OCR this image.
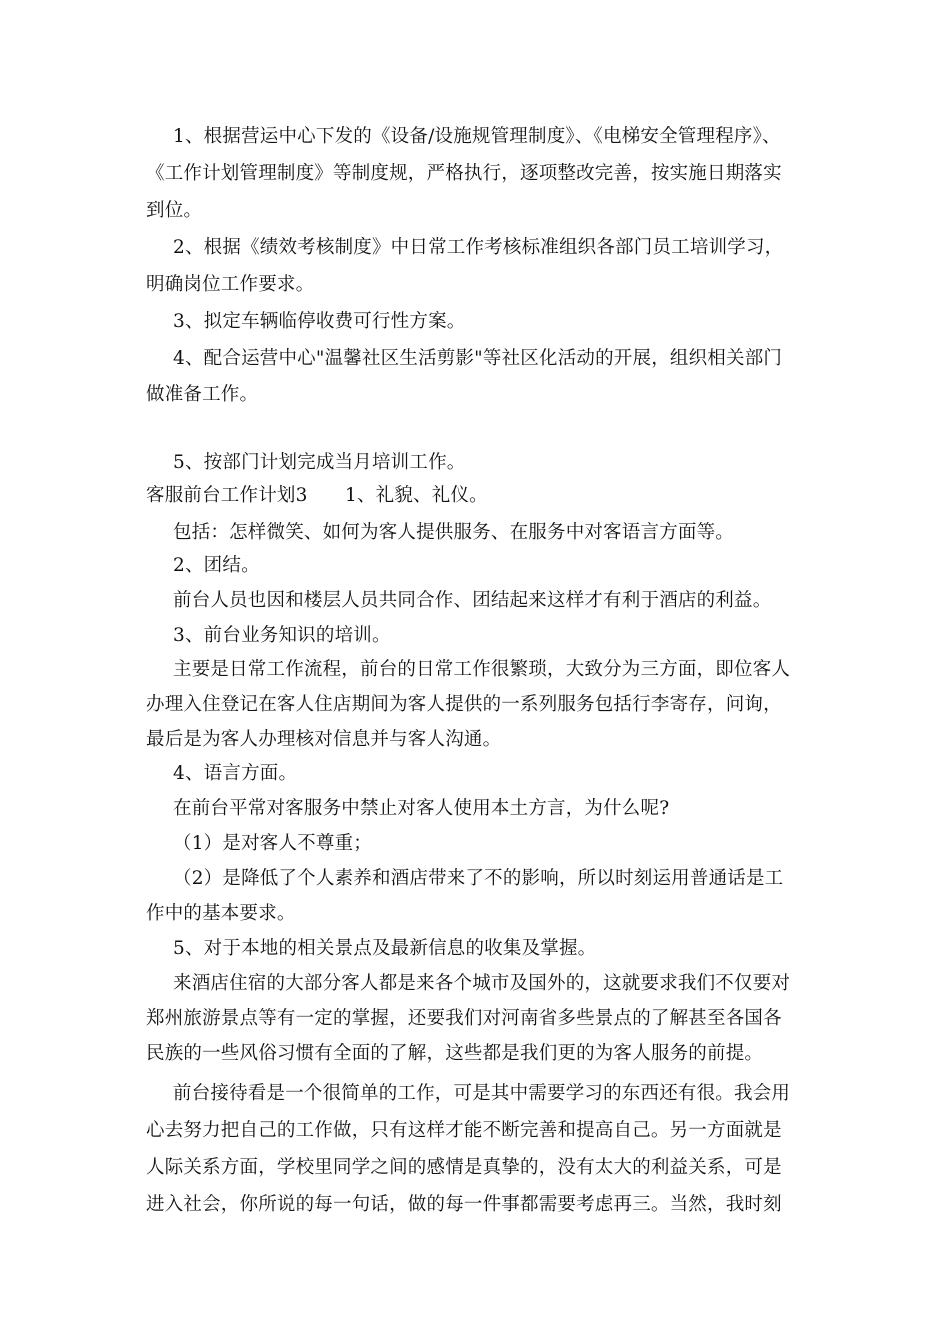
1、根据营运中心下发的《设备/设施规管理制度》、《电梯安全管理程序》、
《工作计划管理制度》等制度规，严格执行，逐项整改完善，按实施日期落实
到位。
2、根据《绩效考核制度》中日常工作考核标准组织各部门员工培训学习，
明确岗位工作要求。
3、拟定车辆临停收费可行性方案。
4、配合运营中心"温馨社区生活剪影"等社区化活动的开展，组织相关部门
做准备工作。
5、按部门计划完成当月培训工作。
客服前台工作计划3　　1、礼貌、礼仪。
包括：怎样微笑、如何为客人提供服务、在服务中对客语言方面等。
2、团结。
前台人员也因和楼层人员共同合作、团结起来这样才有利于酒店的利益。
3、前台业务知识的培训。
主要是日常工作流程，前台的日常工作很繁琐，大致分为三方面，即位客人
办理入住登记在客人住店期间为客人提供的一系列服务包括行李寄存，问询，
最后是为客人办理核对信息并与客人沟通。
4、语言方面。
在前台平常对客服务中禁止对客人使用本土方言，为什么呢?
（1）是对客人不尊重；
（2）是降低了个人素养和酒店带来了不的影响，所以时刻运用普通话是工
作中的基本要求。
5、对于本地的相关景点及最新信息的收集及掌握。
来酒店住宿的大部分客人都是来各个城市及国外的，这就要求我们不仅要对
郑州旅游景点等有一定的掌握，还要我们对河南省多些景点的了解甚至各国各
民族的一些风俗习惯有全面的了解，这些都是我们更的为客人服务的前提。
前台接待看是一个很简单的工作，可是其中需要学习的东西还有很。我会用
心去努力把自己的工作做，只有这样才能不断完善和提高自己。另一方面就是
人际关系方面，学校里同学之间的感情是真挚的，没有太大的利益关系，可是
进入社会，你所说的每一句话，做的每一件事都需要考虑再三。当然，我时刻
